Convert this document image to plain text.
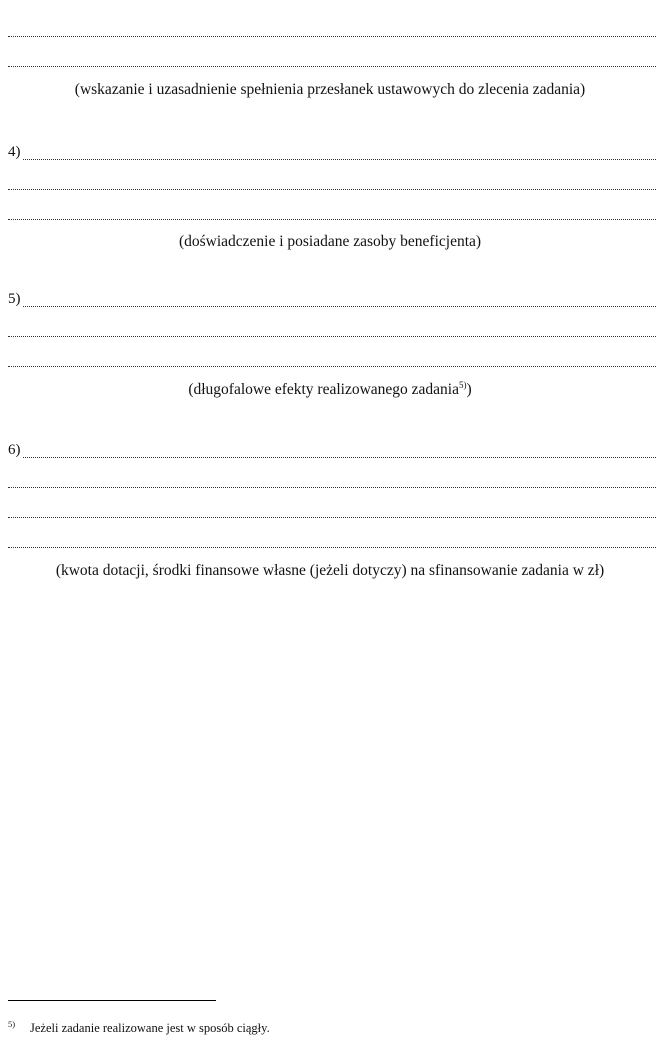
(wskazanie i uzasadnienie spełnienia przesłanek ustawowych do zlecenia zadania)
4)
(doświadczenie i posiadane zasoby beneficjenta)
5)
(długofalowe efekty realizowanego zadania$^{5)}$)
6)
(kwota dotacji, środki finansowe własne (jeżeli dotyczy) na sfinansowanie zadania w zł)
5) Jeżeli zadanie realizowane jest w sposób ciągły.
